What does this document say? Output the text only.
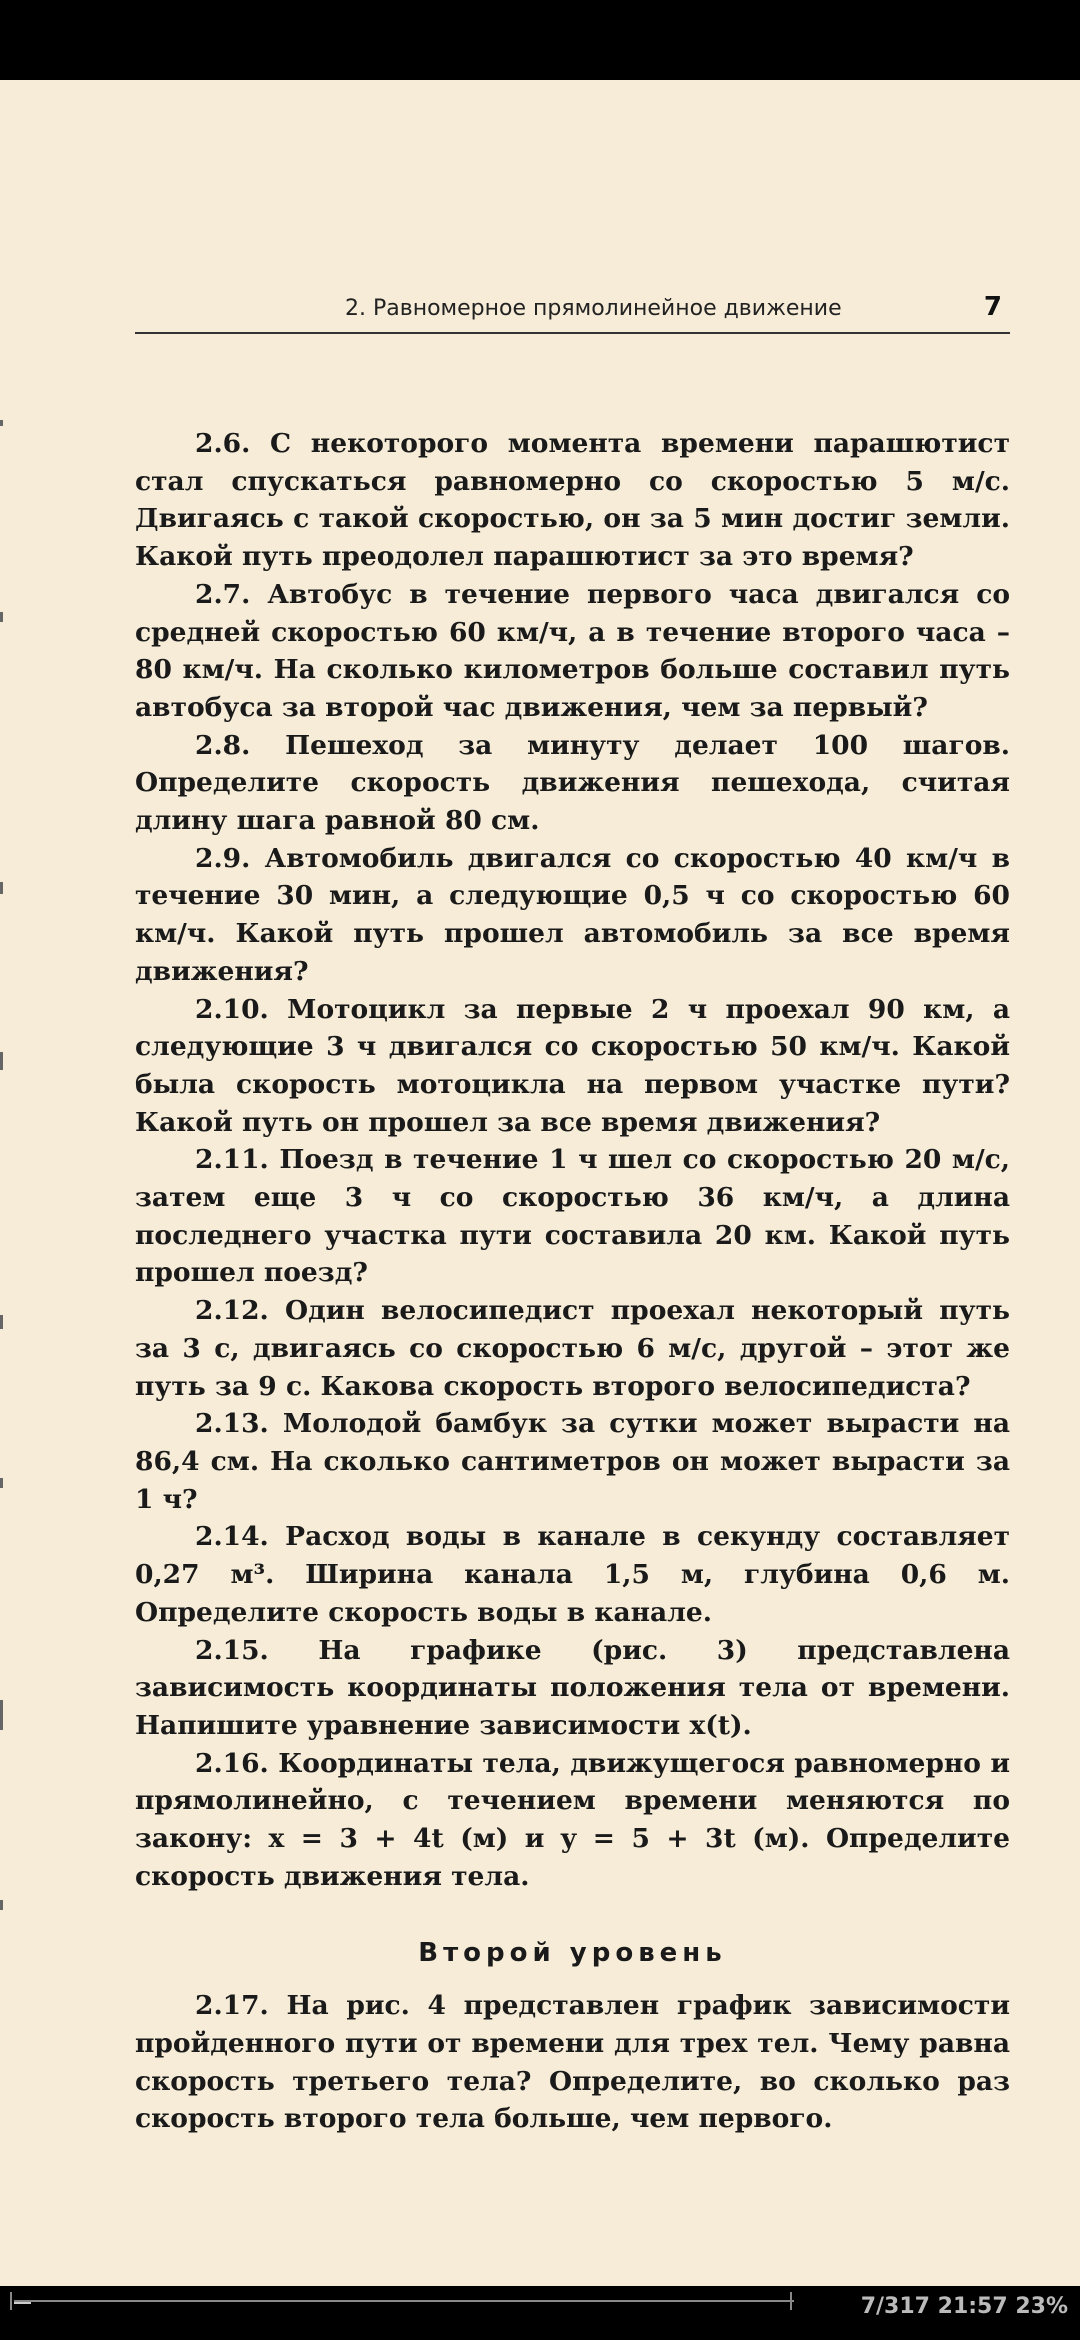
2. Равномерное прямолинейное движение	7

2.6. С некоторого момента времени парашютист стал спускаться равномерно со скоростью 5 м/с. Двигаясь с такой скоростью, он за 5 мин достиг земли. Какой путь преодолел парашютист за это время?

2.7. Автобус в течение первого часа двигался со средней скоростью 60 км/ч, а в течение второго часа – 80 км/ч. На сколько километров больше составил путь автобуса за второй час движения, чем за первый?

2.8. Пешеход за минуту делает 100 шагов. Определите скорость движения пешехода, считая длину шага равной 80 см.

2.9. Автомобиль двигался со скоростью 40 км/ч в течение 30 мин, а следующие 0,5 ч со скоростью 60 км/ч. Какой путь прошел автомобиль за все время движения?

2.10. Мотоцикл за первые 2 ч проехал 90 км, а следующие 3 ч двигался со скоростью 50 км/ч. Какой была скорость мотоцикла на первом участке пути? Какой путь он прошел за все время движения?

2.11. Поезд в течение 1 ч шел со скоростью 20 м/с, затем еще 3 ч со скоростью 36 км/ч, а длина последнего участка пути составила 20 км. Какой путь прошел поезд?

2.12. Один велосипедист проехал некоторый путь за 3 с, двигаясь со скоростью 6 м/с, другой – этот же путь за 9 с. Какова скорость второго велосипедиста?

2.13. Молодой бамбук за сутки может вырасти на 86,4 см. На сколько сантиметров он может вырасти за 1 ч?

2.14. Расход воды в канале в секунду составляет 0,27 м³. Ширина канала 1,5 м, глубина 0,6 м. Определите скорость воды в канале.

2.15. На графике (рис. 3) представлена зависимость координаты положения тела от времени. Напишите уравнение зависимости x(t).

2.16. Координаты тела, движущегося равномерно и прямолинейно, с течением времени меняются по закону: x = 3 + 4t (м) и y = 5 + 3t (м). Определите скорость движения тела.

Второй уровень

2.17. На рис. 4 представлен график зависимости пройденного пути от времени для трех тел. Чему равна скорость третьего тела? Определите, во сколько раз скорость второго тела больше, чем первого.

7/317 21:57 23%
